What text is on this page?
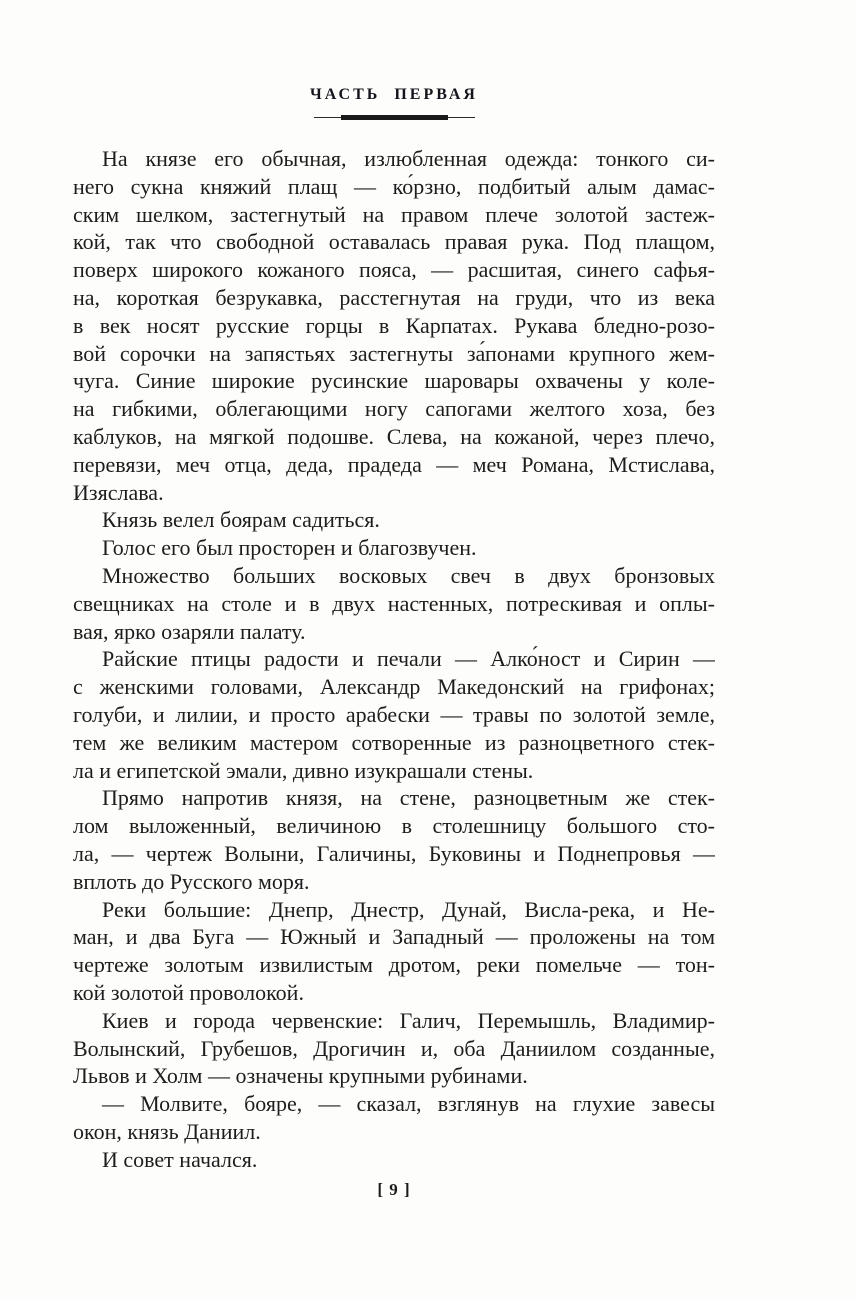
ЧАСТЬ ПЕРВАЯ
На князе его обычная, излюбленная одежда: тонкого си-
него сукна княжий плащ — ко́рзно, подбитый алым дамас-
ским шелком, застегнутый на правом плече золотой застеж-
кой, так что свободной оставалась правая рука. Под плащом,
поверх широкого кожаного пояса, — расшитая, синего сафья-
на, короткая безрукавка, расстегнутая на груди, что из века
в век носят русские горцы в Карпатах. Рукава бледно-розо-
вой сорочки на запястьях застегнуты за́понами крупного жем-
чуга. Синие широкие русинские шаровары охвачены у коле-
на гибкими, облегающими ногу сапогами желтого хоза, без
каблуков, на мягкой подошве. Слева, на кожаной, через плечо,
перевязи, меч отца, деда, прадеда — меч Романа, Мстислава,
Изяслава.
Князь велел боярам садиться.
Голос его был просторен и благозвучен.
Множество больших восковых свеч в двух бронзовых
свещниках на столе и в двух настенных, потрескивая и оплы-
вая, ярко озаряли палату.
Райские птицы радости и печали — Алко́ност и Сирин —
с женскими головами, Александр Македонский на грифонах;
голуби, и лилии, и просто арабески — травы по золотой земле,
тем же великим мастером сотворенные из разноцветного стек-
ла и египетской эмали, дивно изукрашали стены.
Прямо напротив князя, на стене, разноцветным же стек-
лом выложенный, величиною в столешницу большого сто-
ла, — чертеж Волыни, Галичины, Буковины и Поднепровья —
вплоть до Русского моря.
Реки большие: Днепр, Днестр, Дунай, Висла-река, и Не-
ман, и два Буга — Южный и Западный — проложены на том
чертеже золотым извилистым дротом, реки помельче — тон-
кой золотой проволокой.
Киев и города червенские: Галич, Перемышль, Владимир-
Волынский, Грубешов, Дрогичин и, оба Даниилом созданные,
Львов и Холм — означены крупными рубинами.
— Молвите, бояре, — сказал, взглянув на глухие завесы
окон, князь Даниил.
И совет начался.
[ 9 ]
